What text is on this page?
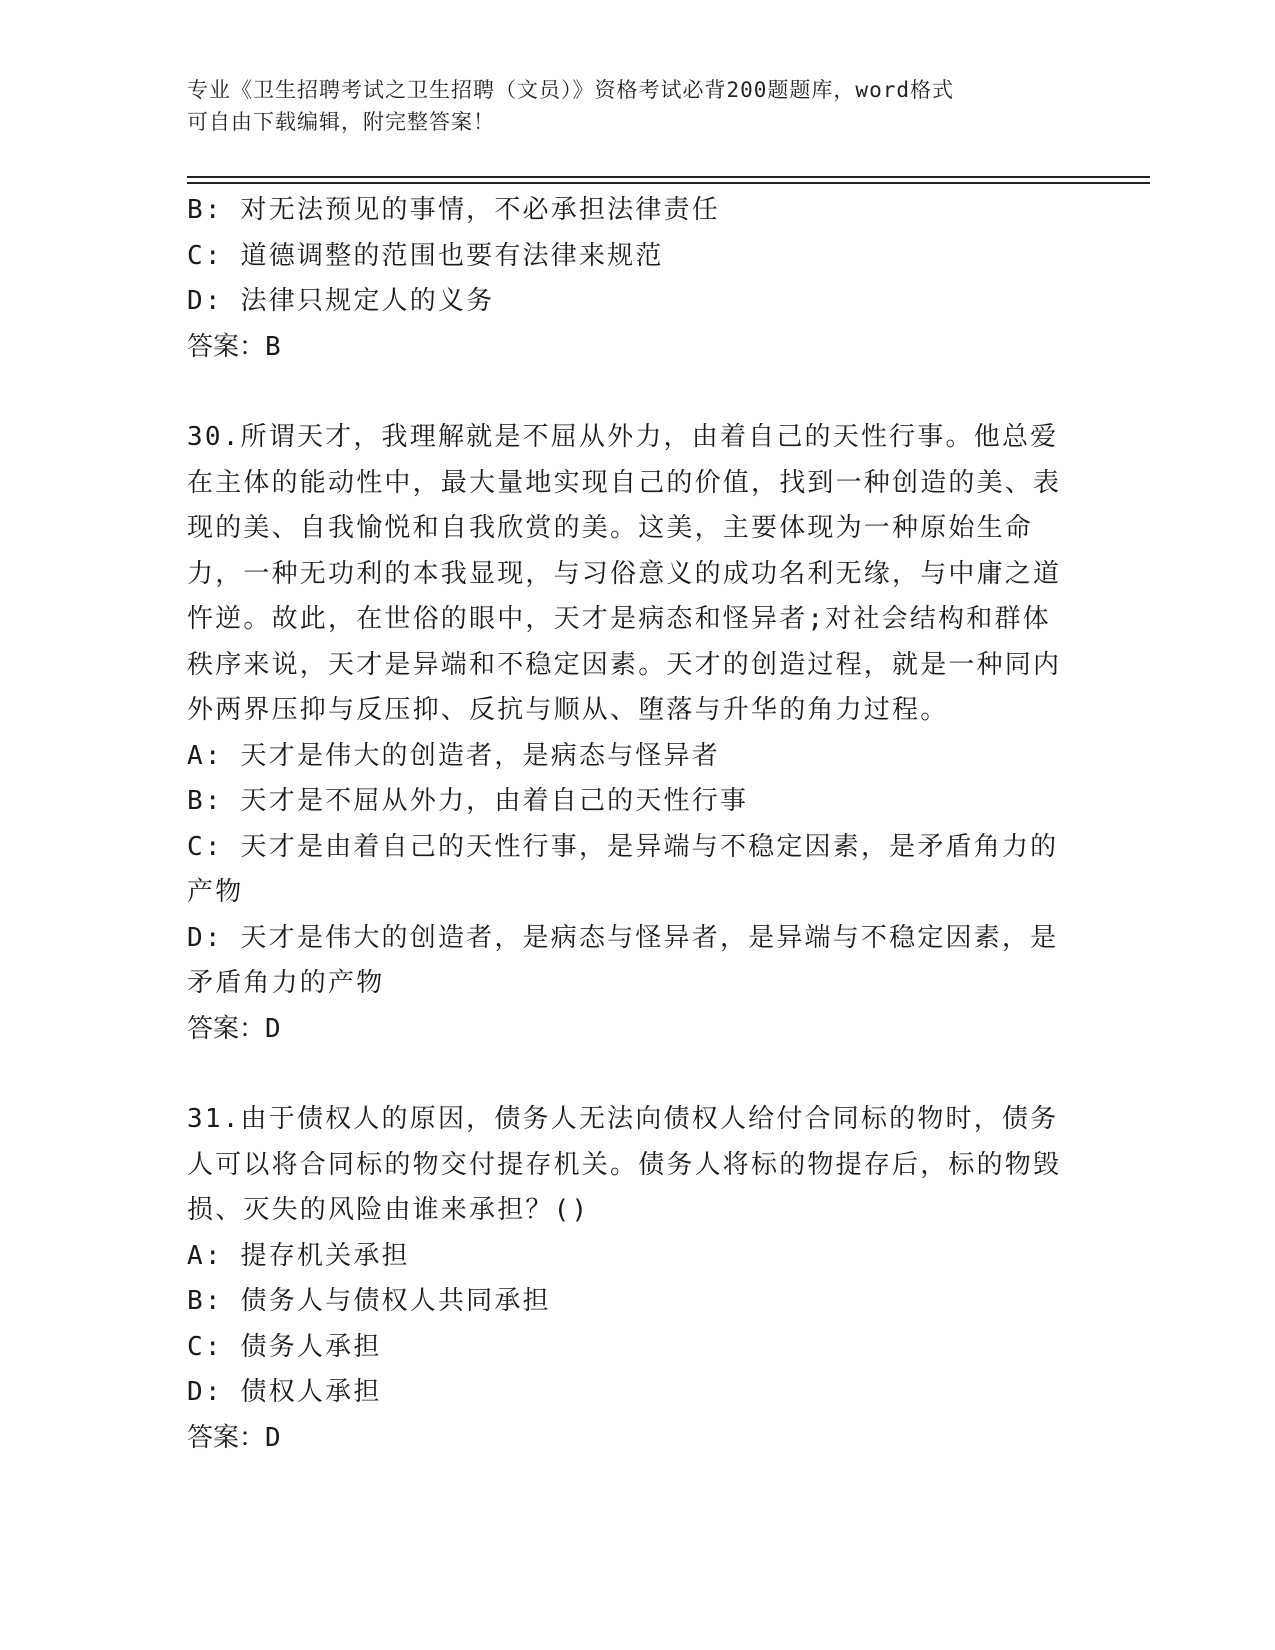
专业《卫生招聘考试之卫生招聘（文员）》资格考试必背200题题库，word格式
可自由下载编辑，附完整答案！

B: 对无法预见的事情，不必承担法律责任

C: 道德调整的范围也要有法律来规范

D: 法律只规定人的义务

答案：B

30.所谓天才，我理解就是不屈从外力，由着自己的天性行事。他总爱在主体的能动性中，最大量地实现自己的价值，找到一种创造的美、表现的美、自我愉悦和自我欣赏的美。这美，主要体现为一种原始生命力，一种无功利的本我显现，与习俗意义的成功名利无缘，与中庸之道忤逆。故此，在世俗的眼中，天才是病态和怪异者;对社会结构和群体秩序来说，天才是异端和不稳定因素。天才的创造过程，就是一种同内外两界压抑与反压抑、反抗与顺从、堕落与升华的角力过程。

A: 天才是伟大的创造者，是病态与怪异者

B: 天才是不屈从外力，由着自己的天性行事

C: 天才是由着自己的天性行事，是异端与不稳定因素，是矛盾角力的产物

D: 天才是伟大的创造者，是病态与怪异者，是异端与不稳定因素，是矛盾角力的产物

答案：D

31.由于债权人的原因，债务人无法向债权人给付合同标的物时，债务人可以将合同标的物交付提存机关。债务人将标的物提存后，标的物毁损、灭失的风险由谁来承担？()

A: 提存机关承担

B: 债务人与债权人共同承担

C: 债务人承担

D: 债权人承担

答案：D
